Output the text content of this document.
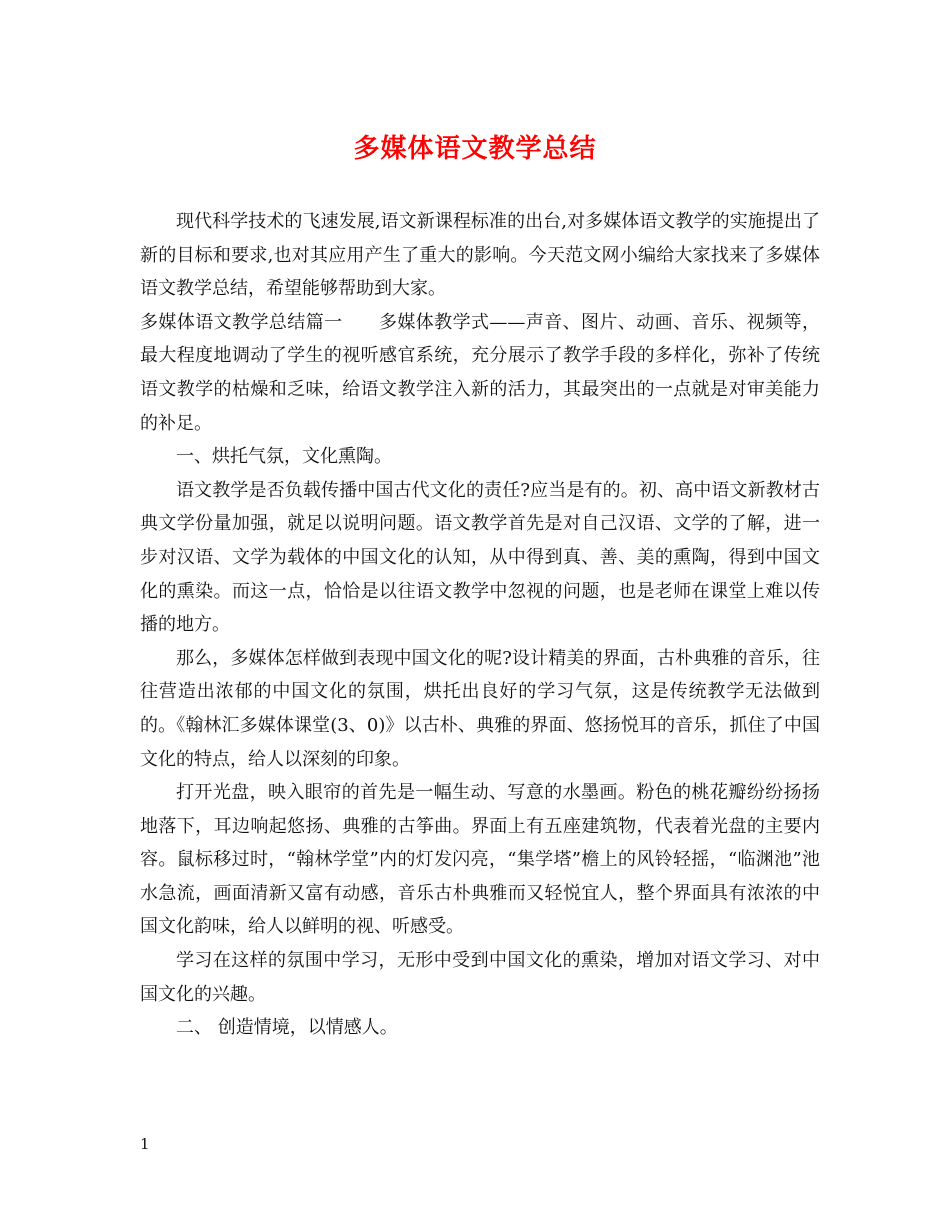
多媒体语文教学总结

现代科学技术的飞速发展,语文新课程标准的出台,对多媒体语文教学的实施提出了新的目标和要求,也对其应用产生了重大的影响。今天范文网小编给大家找来了多媒体语文教学总结，希望能够帮助到大家。

多媒体语文教学总结篇一 多媒体教学式——声音、图片、动画、音乐、视频等，最大程度地调动了学生的视听感官系统，充分展示了教学手段的多样化，弥补了传统语文教学的枯燥和乏味，给语文教学注入新的活力，其最突出的一点就是对审美能力的补足。

一、烘托气氛，文化熏陶。

语文教学是否负载传播中国古代文化的责任?应当是有的。初、高中语文新教材古典文学份量加强，就足以说明问题。语文教学首先是对自己汉语、文学的了解，进一步对汉语、文学为载体的中国文化的认知，从中得到真、善、美的熏陶，得到中国文化的熏染。而这一点，恰恰是以往语文教学中忽视的问题，也是老师在课堂上难以传播的地方。

那么，多媒体怎样做到表现中国文化的呢?设计精美的界面，古朴典雅的音乐，往往营造出浓郁的中国文化的氛围，烘托出良好的学习气氛，这是传统教学无法做到的。《翰林汇多媒体课堂(3、0)》以古朴、典雅的界面、悠扬悦耳的音乐，抓住了中国文化的特点，给人以深刻的印象。

打开光盘，映入眼帘的首先是一幅生动、写意的水墨画。粉色的桃花瓣纷纷扬扬地落下，耳边响起悠扬、典雅的古筝曲。界面上有五座建筑物，代表着光盘的主要内容。鼠标移过时，“翰林学堂”内的灯发闪亮，“集学塔”檐上的风铃轻摇，“临渊池”池水急流，画面清新又富有动感，音乐古朴典雅而又轻悦宜人，整个界面具有浓浓的中国文化韵味，给人以鲜明的视、听感受。

学习在这样的氛围中学习，无形中受到中国文化的熏染，增加对语文学习、对中国文化的兴趣。

二、 创造情境，以情感人。

1
